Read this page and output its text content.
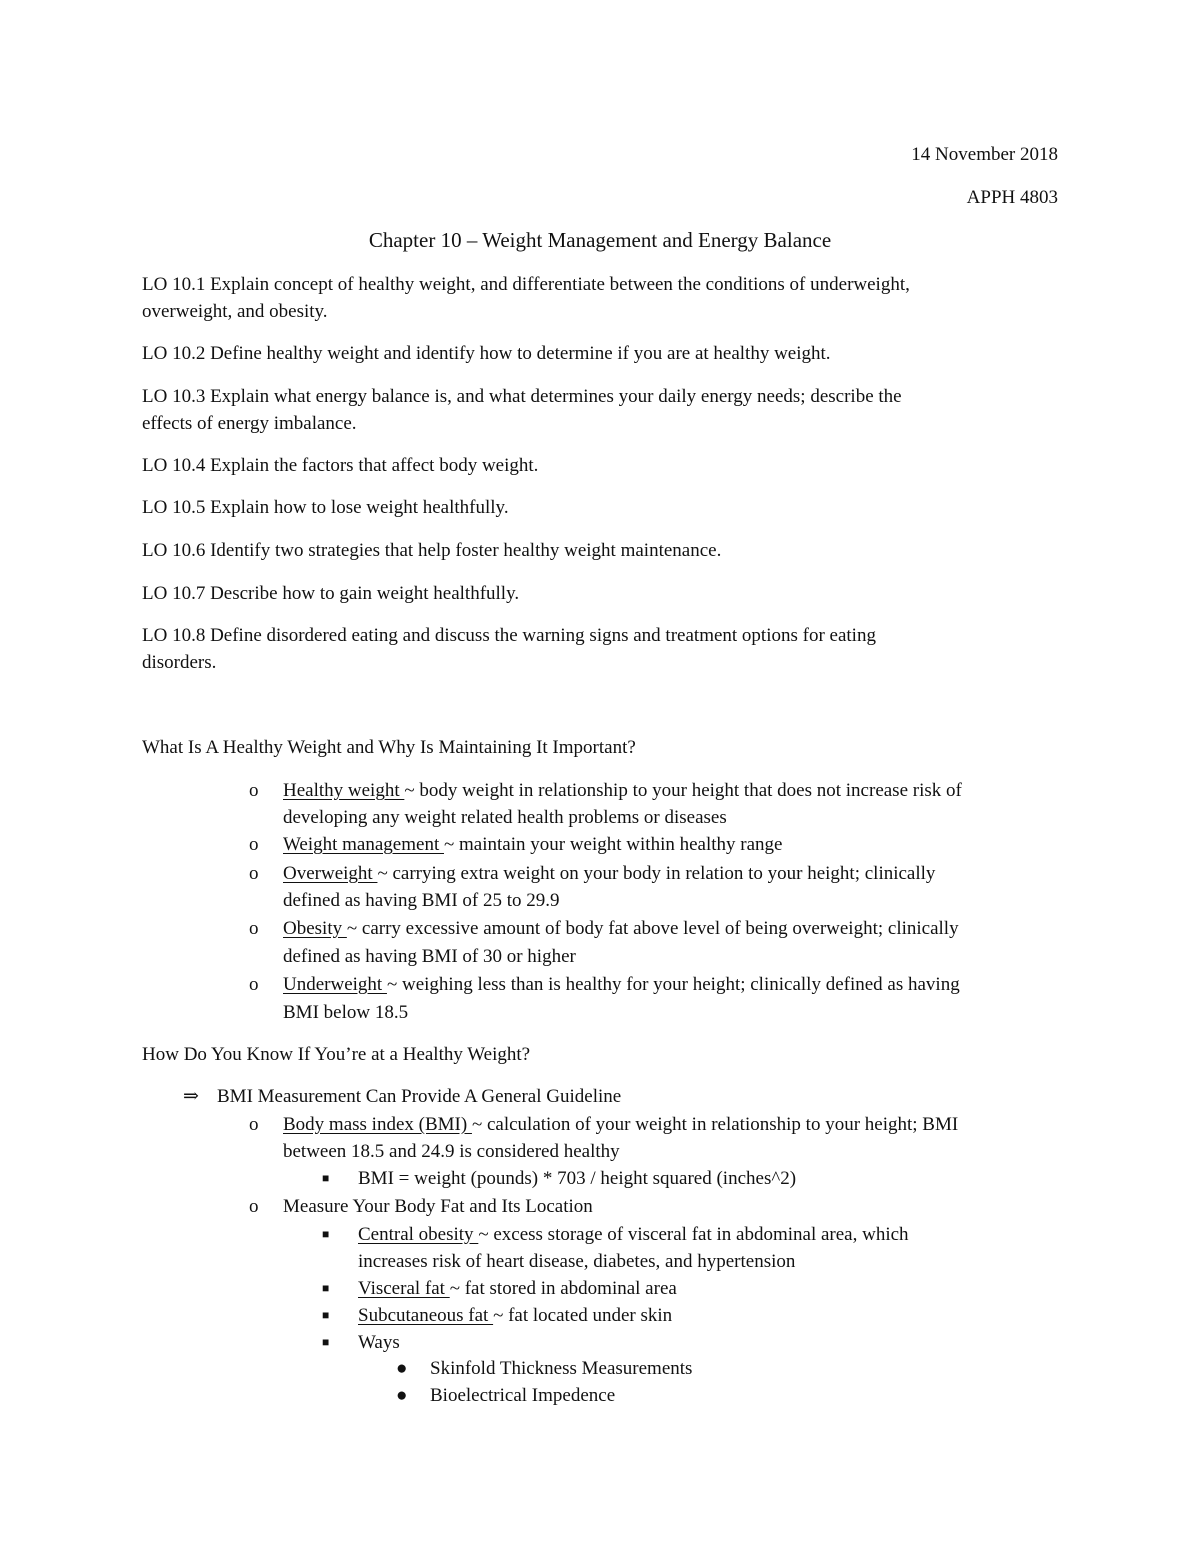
14 November 2018
APPH 4803
Chapter 10 – Weight Management and Energy Balance
LO 10.1 Explain concept of healthy weight, and differentiate between the conditions of underweight,
overweight, and obesity.
LO 10.2 Define healthy weight and identify how to determine if you are at healthy weight.
LO 10.3 Explain what energy balance is, and what determines your daily energy needs; describe the
effects of energy imbalance.
LO 10.4 Explain the factors that affect body weight.
LO 10.5 Explain how to lose weight healthfully.
LO 10.6 Identify two strategies that help foster healthy weight maintenance.
LO 10.7 Describe how to gain weight healthfully.
LO 10.8 Define disordered eating and discuss the warning signs and treatment options for eating
disorders.
What Is A Healthy Weight and Why Is Maintaining It Important?
o Healthy weight ~ body weight in relationship to your height that does not increase risk of
developing any weight related health problems or diseases
o Weight management ~ maintain your weight within healthy range
o Overweight ~ carrying extra weight on your body in relation to your height; clinically
defined as having BMI of 25 to 29.9
o Obesity ~ carry excessive amount of body fat above level of being overweight; clinically
defined as having BMI of 30 or higher
o Underweight ~ weighing less than is healthy for your height; clinically defined as having
BMI below 18.5
How Do You Know If You’re at a Healthy Weight?
⇒ BMI Measurement Can Provide A General Guideline
o Body mass index (BMI) ~ calculation of your weight in relationship to your height; BMI
between 18.5 and 24.9 is considered healthy
■ BMI = weight (pounds) * 703 / height squared (inches^2)
o Measure Your Body Fat and Its Location
■ Central obesity ~ excess storage of visceral fat in abdominal area, which
increases risk of heart disease, diabetes, and hypertension
■ Visceral fat ~ fat stored in abdominal area
■ Subcutaneous fat ~ fat located under skin
■ Ways
● Skinfold Thickness Measurements
● Bioelectrical Impedence
